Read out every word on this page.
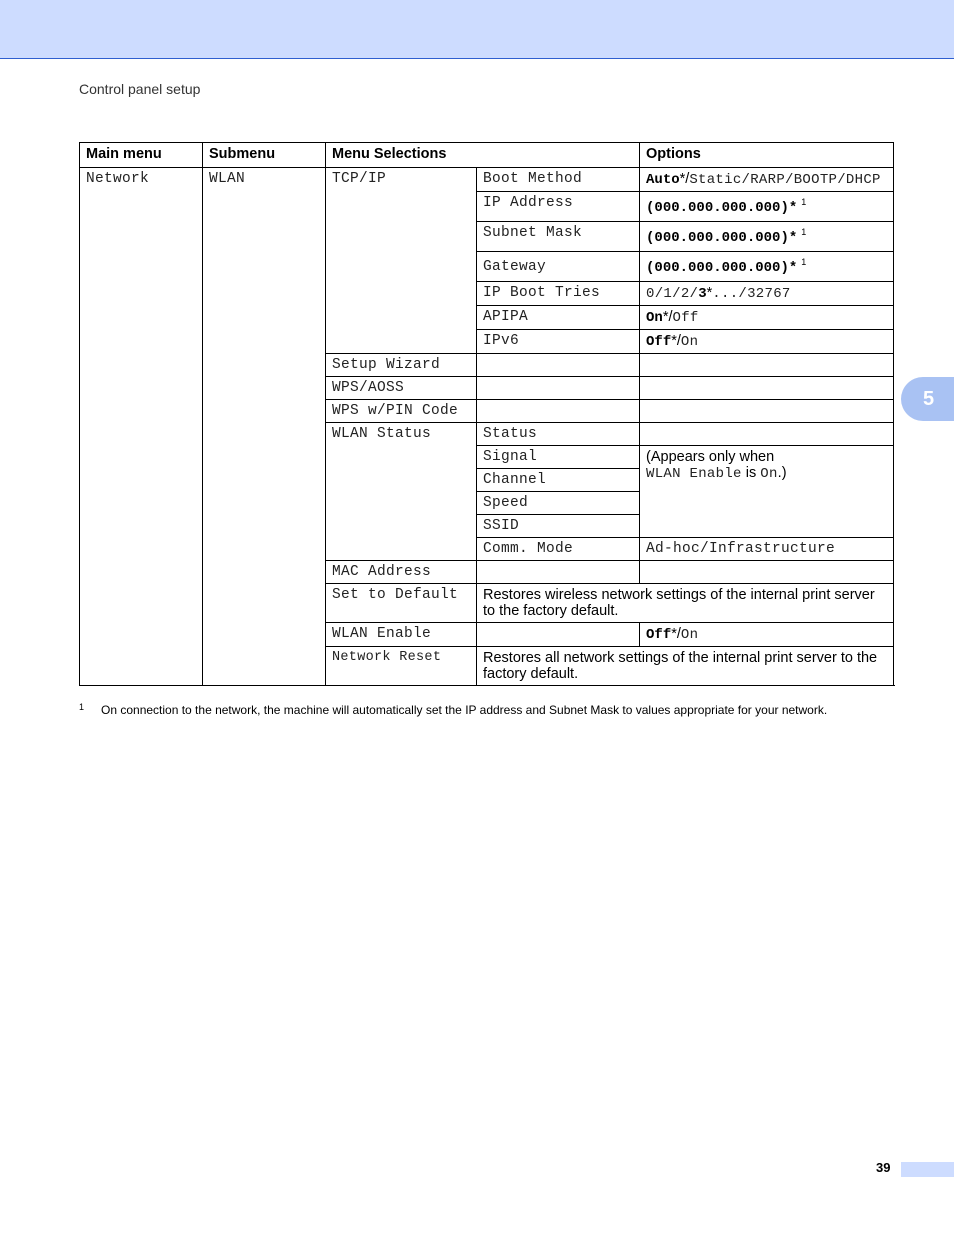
Control panel setup
5
Main menu	Submenu	Menu Selections		Options
Network	WLAN	TCP/IP	Boot Method	Auto*/Static/RARP/BOOTP/DHCP
			IP Address	(000.000.000.000)* $^1$
			Subnet Mask	(000.000.000.000)* $^1$
			Gateway	(000.000.000.000)* $^1$
			IP Boot Tries	0/1/2/3*.../32767
			APIPA	On*/Off
			IPv6	Off*/On
		Setup Wizard		
		WPS/AOSS		
		WPS w/PIN Code		
		WLAN Status	Status	
			Signal	(Appears only when
WLAN Enable is On.)
			Channel	
			Speed	
			SSID	
			Comm. Mode	Ad-hoc/Infrastructure
		MAC Address		
		Set to Default	Restores wireless network settings of the internal print server to the factory default.	
		WLAN Enable		Off*/On
		Network Reset	Restores all network settings of the internal print server to the factory default.	
$^1$ On connection to the network, the machine will automatically set the IP address and Subnet Mask to values appropriate for your network.
39
